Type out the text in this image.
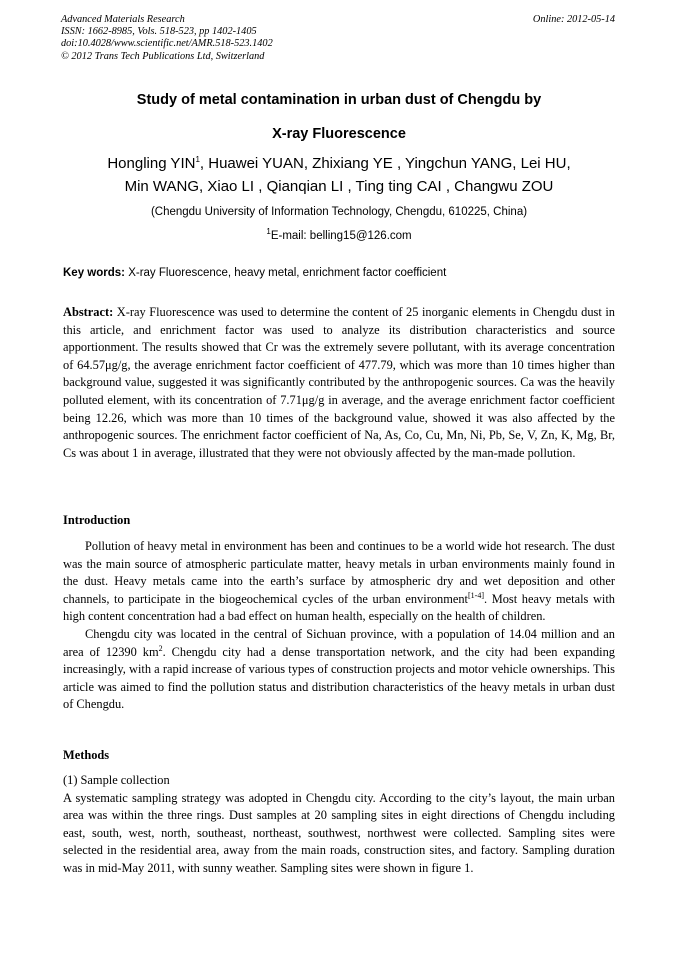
Advanced Materials Research
ISSN: 1662-8985, Vols. 518-523, pp 1402-1405
doi:10.4028/www.scientific.net/AMR.518-523.1402
© 2012 Trans Tech Publications Ltd, Switzerland
Online: 2012-05-14
Study of metal contamination in urban dust of Chengdu by
X-ray Fluorescence
Hongling YIN$^1$, Huawei YUAN, Zhixiang YE , Yingchun YANG, Lei HU,
Min WANG, Xiao LI , Qianqian LI , Ting ting CAI , Changwu ZOU
(Chengdu University of Information Technology, Chengdu, 610225, China)
$^1$E-mail: belling15@126.com
Key words: X-ray Fluorescence, heavy metal, enrichment factor coefficient

Abstract: X-ray Fluorescence was used to determine the content of 25 inorganic elements in Chengdu dust in this article, and enrichment factor was used to analyze its distribution characteristics and source apportionment. The results showed that Cr was the extremely severe pollutant, with its average concentration of 64.57μg/g, the average enrichment factor coefficient of 477.79, which was more than 10 times higher than background value, suggested it was significantly contributed by the anthropogenic sources. Ca was the heavily polluted element, with its concentration of 7.71μg/g in average, and the average enrichment factor coefficient being 12.26, which was more than 10 times of the background value, showed it was also affected by the anthropogenic sources. The enrichment factor coefficient of Na, As, Co, Cu, Mn, Ni, Pb, Se, V, Zn, K, Mg, Br, Cs was about 1 in average, illustrated that they were not obviously affected by the man-made pollution.

Introduction

Pollution of heavy metal in environment has been and continues to be a world wide hot research. The dust was the main source of atmospheric particulate matter, heavy metals in urban environments mainly found in the dust. Heavy metals came into the earth’s surface by atmospheric dry and wet deposition and other channels, to participate in the biogeochemical cycles of the urban environment[1-4]. Most heavy metals with high content concentration had a bad effect on human health, especially on the health of children.

Chengdu city was located in the central of Sichuan province, with a population of 14.04 million and an area of 12390 $km^2$. Chengdu city had a dense transportation network, and the city had been expanding increasingly, with a rapid increase of various types of construction projects and motor vehicle ownerships. This article was aimed to find the pollution status and distribution characteristics of the heavy metals in urban dust of Chengdu.

Methods

(1) Sample collection

A systematic sampling strategy was adopted in Chengdu city. According to the city’s layout, the main urban area was within the three rings. Dust samples at 20 sampling sites in eight directions of Chengdu including east, south, west, north, southeast, northeast, southwest, northwest were collected. Sampling sites were selected in the residential area, away from the main roads, construction sites, and factory. Sampling duration was in mid-May 2011, with sunny weather. Sampling sites were shown in figure 1.
